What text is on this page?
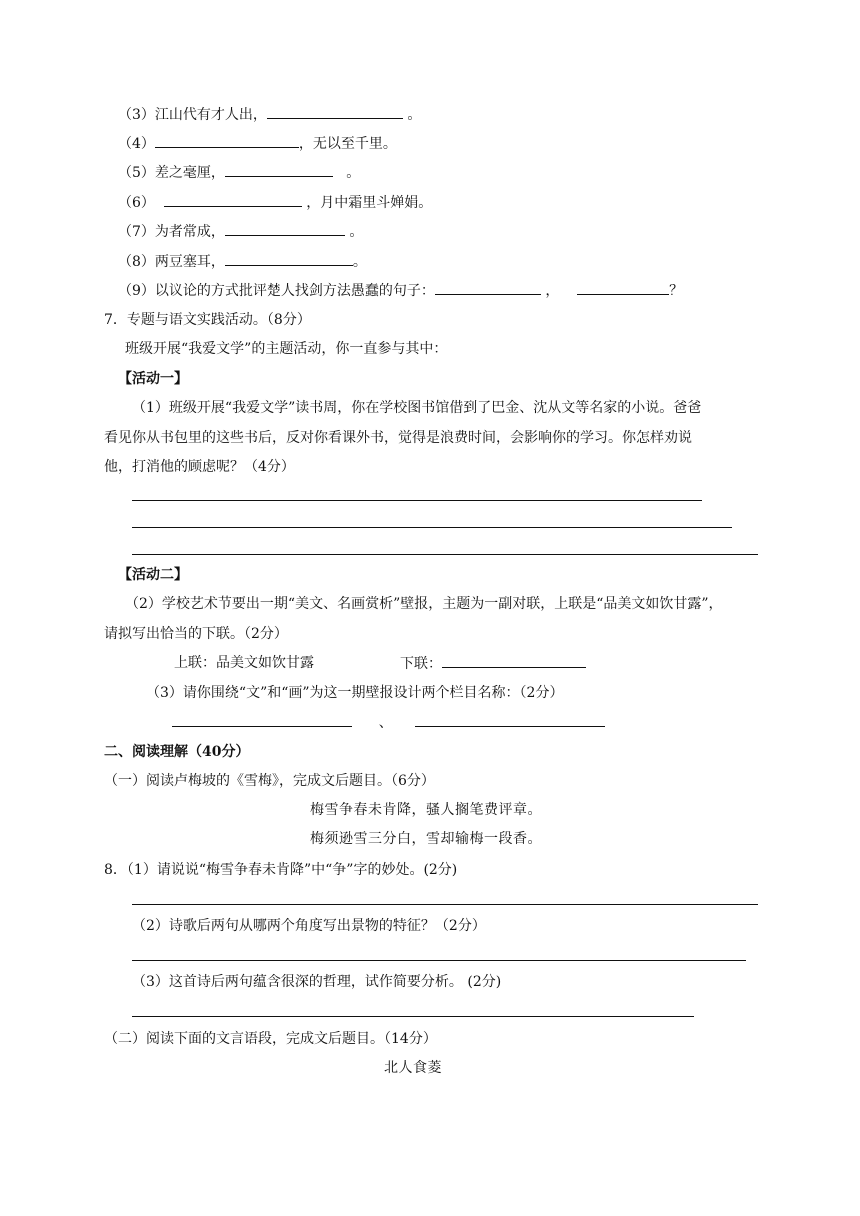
（3）江山代有才人出，	。
（4）	，无以至千里。
（5）差之毫厘，	。
（6）	，月中霜里斗婵娟。
（7）为者常成，	。
（8）两豆塞耳，	。
（9）以议论的方式批评楚人找剑方法愚蠢的句子：	，	？
7．专题与语文实践活动。（8分）
班级开展“我爱文学”的主题活动，你一直参与其中：
【活动一】
（1）班级开展“我爱文学”读书周，你在学校图书馆借到了巴金、沈从文等名家的小说。爸爸
看见你从书包里的这些书后，反对你看课外书，觉得是浪费时间，会影响你的学习。你怎样劝说
他，打消他的顾虑呢？（4分）
【活动二】
（2）学校艺术节要出一期“美文、名画赏析”壁报，主题为一副对联，上联是“品美文如饮甘露”，
请拟写出恰当的下联。（2分）
上联：品美文如饮甘露	下联：
（3）请你围绕“文”和“画”为这一期壁报设计两个栏目名称：（2分）
、
二、阅读理解（40分）
（一）阅读卢梅坡的《雪梅》，完成文后题目。（6分）
梅雪争春未肯降，骚人搁笔费评章。
梅须逊雪三分白，雪却输梅一段香。
8．（1）请说说“梅雪争春未肯降”中“争”字的妙处。(2分)
（2）诗歌后两句从哪两个角度写出景物的特征？（2分）
（3）这首诗后两句蕴含很深的哲理，试作简要分析。 (2分)
（二）阅读下面的文言语段，完成文后题目。（14分）
北人食菱
